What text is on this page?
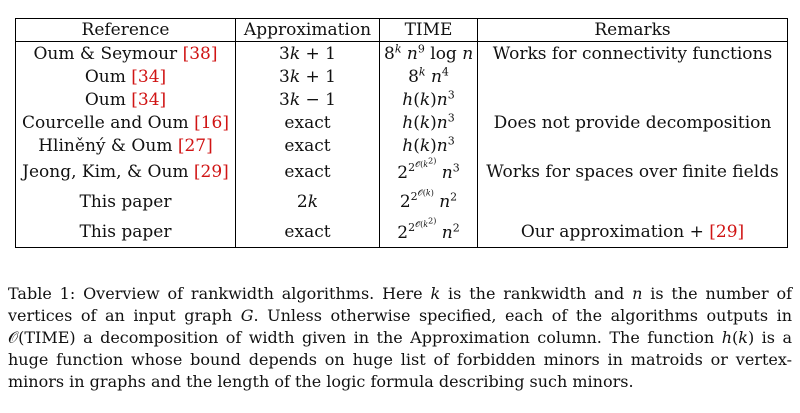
Reference	Approximation	TIME	Remarks
Oum & Seymour [38]	3k + 1	8$^k$ $n^9$ log n	Works for connectivity functions
Oum [34]	3k + 1	8$^k$ $n^4$	
Oum [34]	3k − 1	$h(k)n^3$	
Courcelle and Oum [16]	exact	$h(k)n^3$	Does not provide decomposition
Hliněný & Oum [27]	exact	$h(k)n^3$	
Jeong, Kim, & Oum [29]	exact	$2^{2^{𝒪(k^{2)}}}$ $n^3$	Works for spaces over finite fields
This paper	2k	$2^{2^{𝒪(k)}}$ $n^2$	
This paper	exact	$2^{2^{𝒪(k^{2)}}}$ $n^2$	Our approximation + [29]
Table 1: Overview of rankwidth algorithms. Here k is the rankwidth and n is the number of vertices of an input graph G. Unless otherwise specified, each of the algorithms outputs in 𝒪(TIME) a decomposition of width given in the Approximation column. The function h(k) is a huge function whose bound depends on huge list of forbidden minors in matroids or vertex-minors in graphs and the length of the logic formula describing such minors.
